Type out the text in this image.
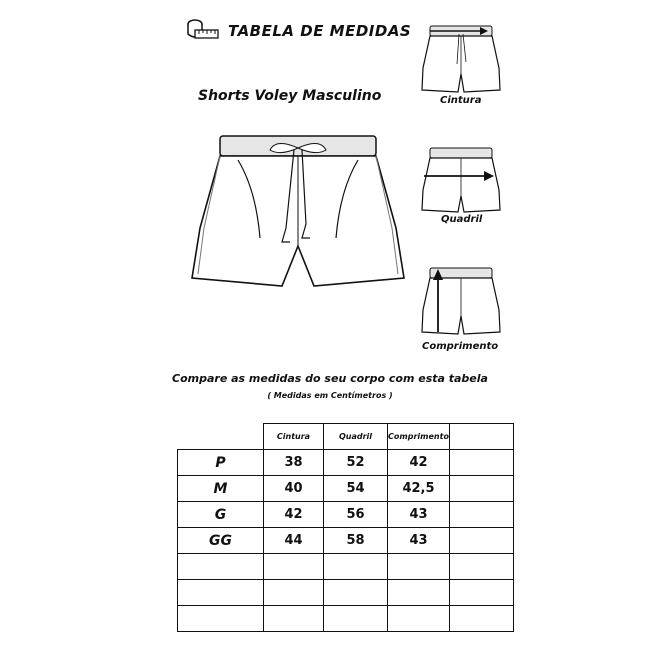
TABELA DE MEDIDAS
Shorts Voley Masculino	Cintura
Quadril
Comprimento
Compare as medidas do seu corpo com esta tabela
( Medidas em Centímetros )
	Cintura	Quadril	Comprimento	
P	38	52	42	
M	40	54	42,5	
G	42	56	43	
GG	44	58	43	
